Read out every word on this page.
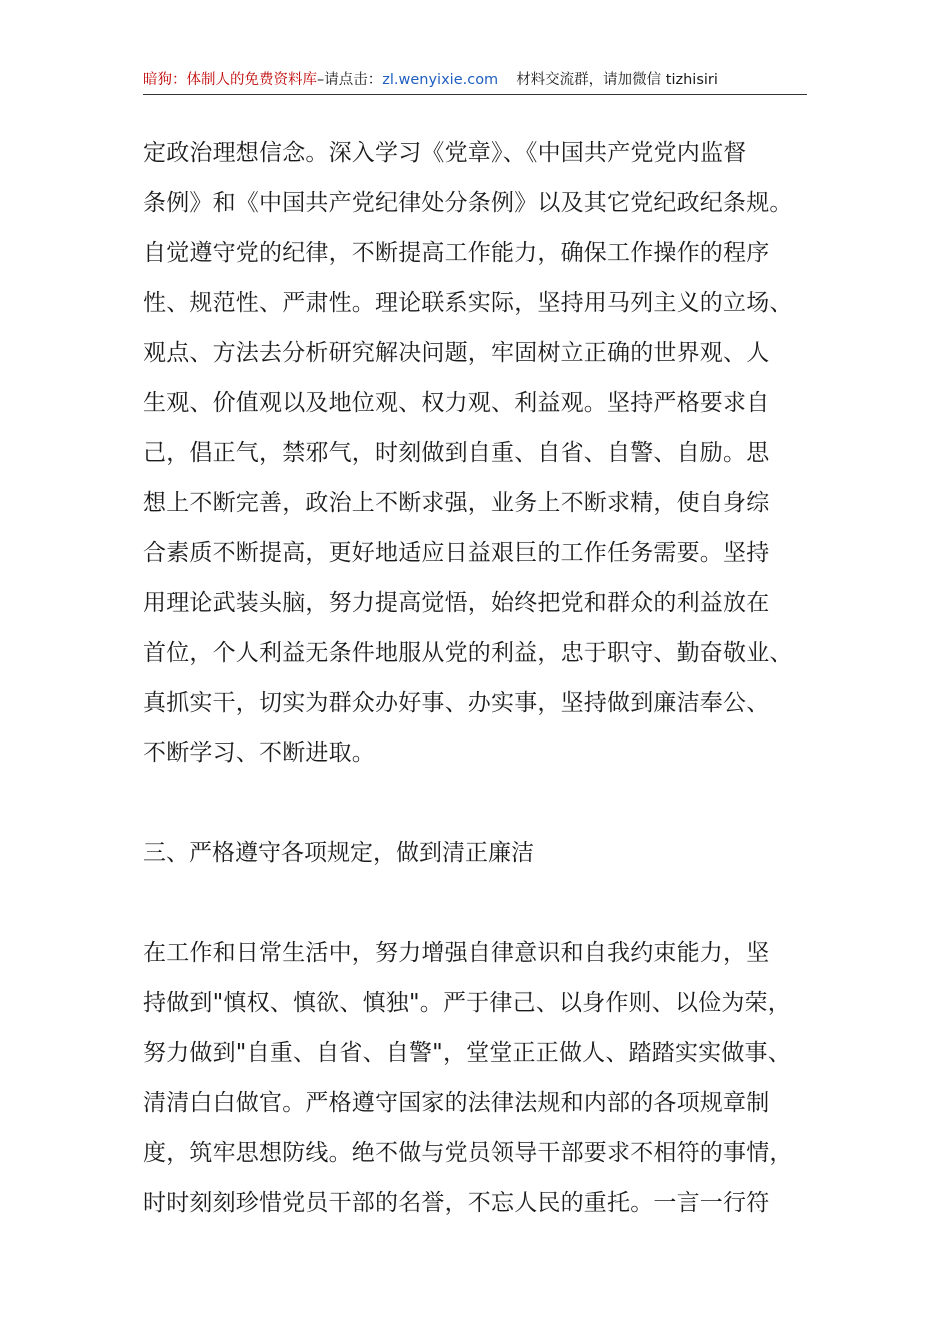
暗狗：体制人的免费资料库–请点击：zl.wenyixie.com 材料交流群，请加微信 tizhisiri
定政治理想信念。深入学习《党章》、《中国共产党党内监督
条例》和《中国共产党纪律处分条例》以及其它党纪政纪条规。
自觉遵守党的纪律，不断提高工作能力，确保工作操作的程序
性、规范性、严肃性。理论联系实际，坚持用马列主义的立场、
观点、方法去分析研究解决问题，牢固树立正确的世界观、人
生观、价值观以及地位观、权力观、利益观。坚持严格要求自
己，倡正气，禁邪气，时刻做到自重、自省、自警、自励。思
想上不断完善，政治上不断求强，业务上不断求精，使自身综
合素质不断提高，更好地适应日益艰巨的工作任务需要。坚持
用理论武装头脑，努力提高觉悟，始终把党和群众的利益放在
首位，个人利益无条件地服从党的利益，忠于职守、勤奋敬业、
真抓实干，切实为群众办好事、办实事，坚持做到廉洁奉公、
不断学习、不断进取。
三、严格遵守各项规定，做到清正廉洁
在工作和日常生活中，努力增强自律意识和自我约束能力，坚
持做到"慎权、慎欲、慎独"。严于律己、以身作则、以俭为荣，
努力做到"自重、自省、自警"，堂堂正正做人、踏踏实实做事、
清清白白做官。严格遵守国家的法律法规和内部的各项规章制
度，筑牢思想防线。绝不做与党员领导干部要求不相符的事情，
时时刻刻珍惜党员干部的名誉，不忘人民的重托。一言一行符
